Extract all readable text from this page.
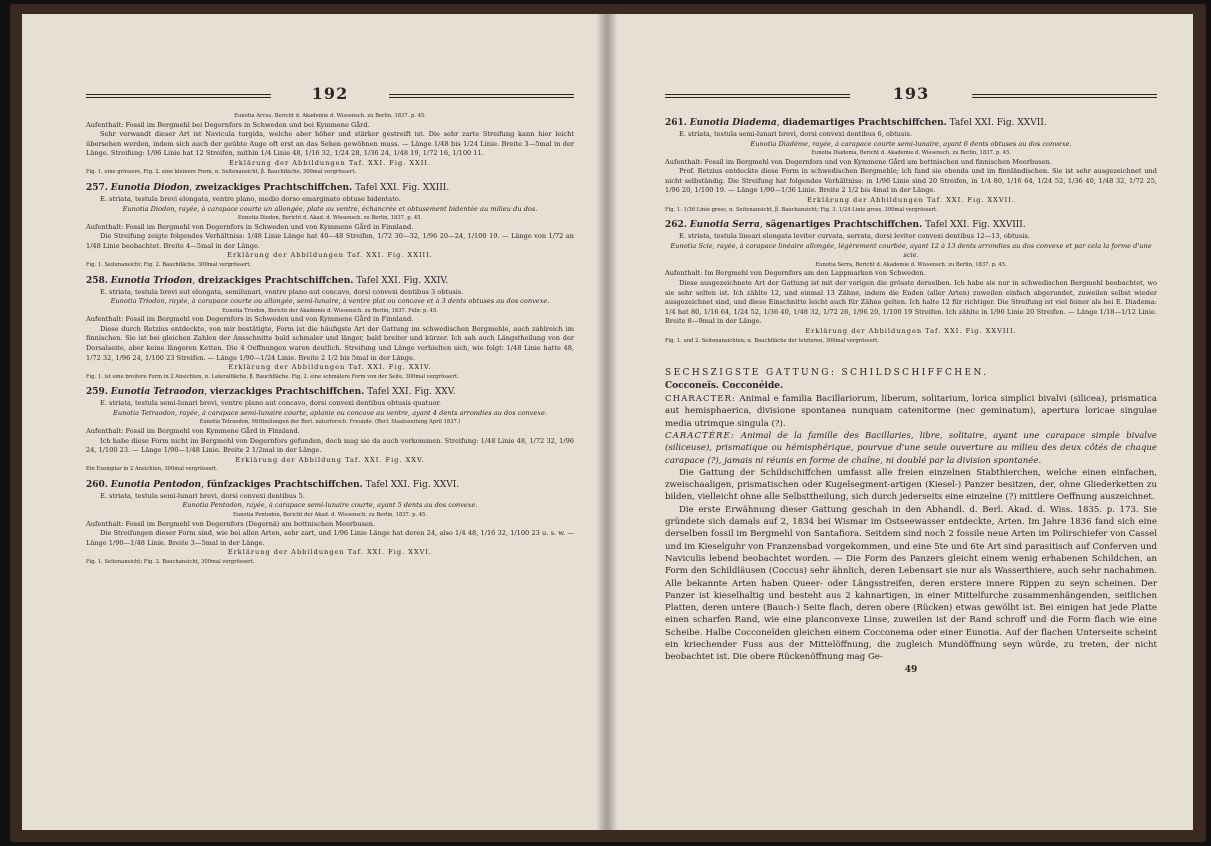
192

Eunotia Arcus, Bericht d. Akademie d. Wissensch. zu Berlin, 1837. p. 45.

Aufenthalt: Fossil im Bergmehl bei Degernfors in Schweden und bei Kymmene Gård.

Sehr verwandt dieser Art ist Navicula turgida, welche aber höher und stärker gestreift ist. Die sehr zarte Streifung kann hier leicht übersehen werden, indem sich auch der geübte Auge oft erst an das Sehen gewöhnen muss. — Länge 1/48 bis 1/24 Linie. Breite 3—5mal in der Länge. Streifung: 1/96 Linie hat 12 Streifen, mithin 1/4 Linie 48, 1/16 32, 1/24 28, 1/36 24, 1/48 19, 1/72 16, 1/100 11.

Erklärung der Abbildungen Taf. XXI. Fig. XXII.

Fig. 1. eine grössere, Fig. 2. eine kleinere Form, α. Seitenansicht, β. Bauchfläche, 300mal vergrössert.

257. Eunotia Diodon, zweizackiges Prachtschiffchen. Tafel XXI. Fig. XXIII.

E. striata, testula brevi elongata, ventre plano, medio dorso emarginato obtuse bidentato.

Eunotia Diodon, rayée, à carapace courte un allongée, plate au ventre, échancrée et obtusement bidentée au milieu du dos.

Eunotia Diodon, Bericht d. Akad. d. Wissensch. zu Berlin, 1837. p. 45.

Aufenthalt: Fossil im Bergmehl von Degernfors in Schweden und von Kymmene Gård in Finnland.

Die Streifung zeigte folgendes Verhältniss: 1/48 Linie Länge hat 40—48 Streifen, 1/72 30—32, 1/96 20—24, 1/100 19. — Länge von 1/72 an 1/48 Linie beobachtet. Breite 4—5mal in der Länge.

Erklärung der Abbildungen Taf. XXI. Fig. XXIII.

Fig. 1. Seitenansicht; Fig. 2. Bauchfläche, 300mal vergrössert.

258. Eunotia Triodon, dreizackiges Prachtschiffchen. Tafel XXI. Fig. XXIV.

E. striata, testula brevi aut elongata, semilunari, ventre plano aut concavo, dorsi convexi dentibus 3 obtusis.

Eunotia Triodon, rayée, à carapace courte ou allongée, semi-lunaire, à ventre plat ou concave et à 3 dents obtuses au dos convexe.

Eunotia Triodon, Bericht der Akademie d. Wissensch. zu Berlin, 1837. Febr. p. 45.

Aufenthalt: Fossil im Bergmehl von Degernfors in Schweden und von Kymmene Gård in Finnland.

Diese durch Retzius entdeckte, von mir bestätigte, Form ist die häufigste Art der Gattung im schwedischen Bergmehle, auch zahlreich im finnischen. Sie ist bei gleichen Zahlen der Ansschnitte bald schmaler und länger, bald breiter und kürzer. Ich sah auch Längstheilung von der Dorsalseite, aber keine längeren Ketten. Die 4 Oeffnungen waren deutlich. Streifung und Länge verhielten sich, wie folgt: 1/48 Linie hatte 48, 1/72 32, 1/96 24, 1/100 23 Streifen. — Länge 1/90—1/24 Linie. Breite 2 1/2 bis 5mal in der Länge.

Erklärung der Abbildungen Taf. XXI. Fig. XXIV.

Fig. 1. ist eine breitere Form in 2 Ansichten, α. Lateralfläche, β. Bauchfläche. Fig. 2. eine schmälere Form von der Seite, 300mal vergrössert.

259. Eunotia Tetraodon, vierzackiges Prachtschiffchen. Tafel XXI. Fig. XXV.

E. striata, testula semi-lunari brevi, ventre plano aut concavo, dorsi convexi dentibus obtusis quatuor.

Eunotia Tetraodon, rayée, à carapace semi-lunaire courte, aplanie ou concave au ventre, ayant 4 dents arrondies au dos convexe.

Eunotia Tetraodon, Mittheilungen der Berl. naturforsch. Freunde. (Berl. Staatszeitung April 1837.)

Aufenthalt: Fossil im Bergmehl von Kymmene Gård in Finnland.

Ich habe diese Form nicht im Bergmehl von Degernfors gefunden, doch mag sie da auch vorkommen. Streifung: 1/48 Linie 48, 1/72 32, 1/96 24, 1/100 23. — Länge 1/90—1/48 Linie. Breite 2 1/2mal in der Länge.

Erklärung der Abbildung Taf. XXI. Fig. XXV.

Ein Exemplar in 2 Ansichten, 300mal vergrössert.

260. Eunotia Pentodon, fünfzackiges Prachtschiffchen. Tafel XXI. Fig. XXVI.

E. striata, testula semi-lunari brevi, dorsi convexi dentibus 5.

Eunotia Pentodon, rayée, à carapace semi-lunaire courte, ayant 5 dents au dos convexe.

Eunotia Pentodon, Bericht der Akad. d. Wissensch. zu Berlin, 1837. p. 45.

Aufenthalt: Fossil im Bergmehl von Degernfors (Degernä) am bottnischen Meerbusen.

Die Streifungen dieser Form sind, wie bei allen Arten, sehr zart, und 1/96 Linie Länge hat deren 24, also 1/4 48, 1/16 32, 1/100 23 u. s. w. — Länge 1/90—1/48 Linie. Breite 3—5mal in der Länge.

Erklärung der Abbildungen Taf. XXI. Fig. XXVI.

Fig. 1. Seitenansicht; Fig. 2. Bauchansicht, 300mal vergrössert.

193

261. Eunotia Diadema, diademartiges Prachtschiffchen. Tafel XXI. Fig. XXVII.

E. striata, testula semi-lunari brevi, dorsi convexi dentibus 6, obtusis.

Eunotia Diadème, rayée, à carapace courte semi-lunaire, ayant 6 dents obtuses au dos convexe.

Eunotia Diadema, Bericht d. Akademie d. Wissensch. zu Berlin, 1837. p. 45.

Aufenthalt: Fossil im Bergmehl von Degernfors und von Kymmene Gård am bottnischen und finnischen Meerbusen.

Prof. Retzius entdeckte diese Form in schwedischen Bergmehle; ich fand sie ebenda und im finnländischen. Sie ist sehr ausgezeichnet und nicht selbständig. Die Streifung hat folgendes Verhältniss: in 1/96 Linie sind 20 Streifen, in 1/4 80, 1/16 64, 1/24 52, 1/36 40, 1/48 32, 1/72 25, 1/96 20, 1/100 19. — Länge 1/90—1/36 Linie. Breite 2 1/2 bis 4mal in der Länge.

Erklärung der Abbildungen Taf. XXI. Fig. XXVII.

Fig. 1. 1/36 Linie gross, α. Seitenansicht, β. Bauchansicht; Fig. 3. 1/24 Linie gross, 300mal vergrössert.

262. Eunotia Serra, sägenartiges Prachtschiffchen. Tafel XXI. Fig. XXVIII.

E. striata, testula lineari elongata leviter curvata, serrata, dorsi leviter convexi dentibus 12—13, obtusis.

Eunotia Scie, rayée, à carapace linéaire allongée, légèrement courbée, ayant 12 à 13 dents arrondies au dos convexe et par cela la forme d'une scie.

Eunotia Serra, Bericht d. Akademie d. Wissensch. zu Berlin, 1837. p. 45.

Aufenthalt: Im Bergmehl von Degernfors am den Lappmarken von Schweden.

Diese ausgezeichnete Art der Gattung ist mit der vorigen die grösste derselben. Ich habe sie nur in schwedischen Bergmehl beobachtet, wo sie sehr selten ist. Ich zählte 12, und einmal 13 Zähne, indem die Enden (aller Arten) zuweilen einfach abgerundet, zuweilen selbst wieder ausgezeichnet sind, und diese Einschnitte leicht auch für Zähne gelten. Ich halte 12 für richtiger. Die Streifung ist viel feiner als bei E. Diadema: 1/4 hat 80, 1/16 64, 1/24 52, 1/36 40, 1/48 32, 1/72 26, 1/96 20, 1/100 19 Streifen. Ich zählte in 1/96 Linie 20 Streifen. — Länge 1/18—1/12 Linie. Breite 8—9mal in der Länge.

Erklärung der Abbildungen Taf. XXI. Fig. XXVIII.

Fig. 1. und 2. Seitenansichten; α. Bauchfläche der letzteren, 300mal vergrössert.

SECHSZIGSTE GATTUNG: SCHILDSCHIFFCHEN.

Cocconeïs. Cocconéide.

CHARACTER: Animal e familia Bacillariorum, liberum, solitarium, lorica simplici bivalvi (silicea), prismatica aut hemisphaerica, divisione spontanea nunquam catenitorme (nec geminatum), apertura loricae singulae media utrimque singula (?).

CARACTÈRE: Animal de la famille des Bacillaries, libre, solitaire, ayant une carapace simple bivalve (siliceuse), prismatique ou hémisphérique, pourvue d'une seule ouverture au milieu des deux côtés de chaque carapace (?), jamais ni réunis en forme de chaîne, ni doublé par la division spontanée.

Die Gattung der Schildschiffchen umfasst alle freien einzelnen Stabthierchen, welche einen einfachen, zweischaaligen, prismatischen oder Kugelsegment-artigen (Kiesel-) Panzer besitzen, der, ohne Gliederketten zu bilden, vielleicht ohne alle Selbsttheilung, sich durch jederseits eine einzelne (?) mittlere Oeffnung auszeichnet.

Die erste Erwähnung dieser Gattung geschah in den Abhandl. d. Berl. Akad. d. Wiss. 1835. p. 173. Sie gründete sich damals auf 2, 1834 bei Wismar im Ostseewasser entdeckte, Arten. Im Jahre 1836 fand sich eine derselben fossil im Bergmehl von Santafiora. Seitdem sind noch 2 fossile neue Arten im Polirschiefer von Cassel und im Kieselguhr von Franzensbad vorgekommen, und eine 5te und 6te Art sind parasitisch auf Conferven und Naviculis lebend beobachtet worden. — Die Form des Panzers gleicht einem wenig erhabenen Schildchen, an Form den Schildläusen (Coccus) sehr ähnlich, deren Lebensart sie nur als Wasserthiere, auch sehr nachahmen. Alle bekannte Arten haben Queer- oder Längsstreifen, deren erstere innere Rippen zu seyn scheinen. Der Panzer ist kieselhaltig und besteht aus 2 kahnartigen, in einer Mittelfurche zusammenhängenden, seitlichen Platten, deren untere (Bauch-) Seite flach, deren obere (Rücken) etwas gewölbt ist. Bei einigen hat jede Platte einen scharfen Rand, wie eine planconvexe Linse, zuweilen ist der Rand schroff und die Form flach wie eine Scheibe. Halbe Cocconeïden gleichen einem Cocconema oder einer Eunotia. Auf der flachen Unterseite scheint ein kriechender Fuss aus der Mittelöffnung, die zugleich Mundöffnung seyn würde, zu treten, der nicht beobachtet ist. Die obere Rückenöffnung mag Ge-

49
